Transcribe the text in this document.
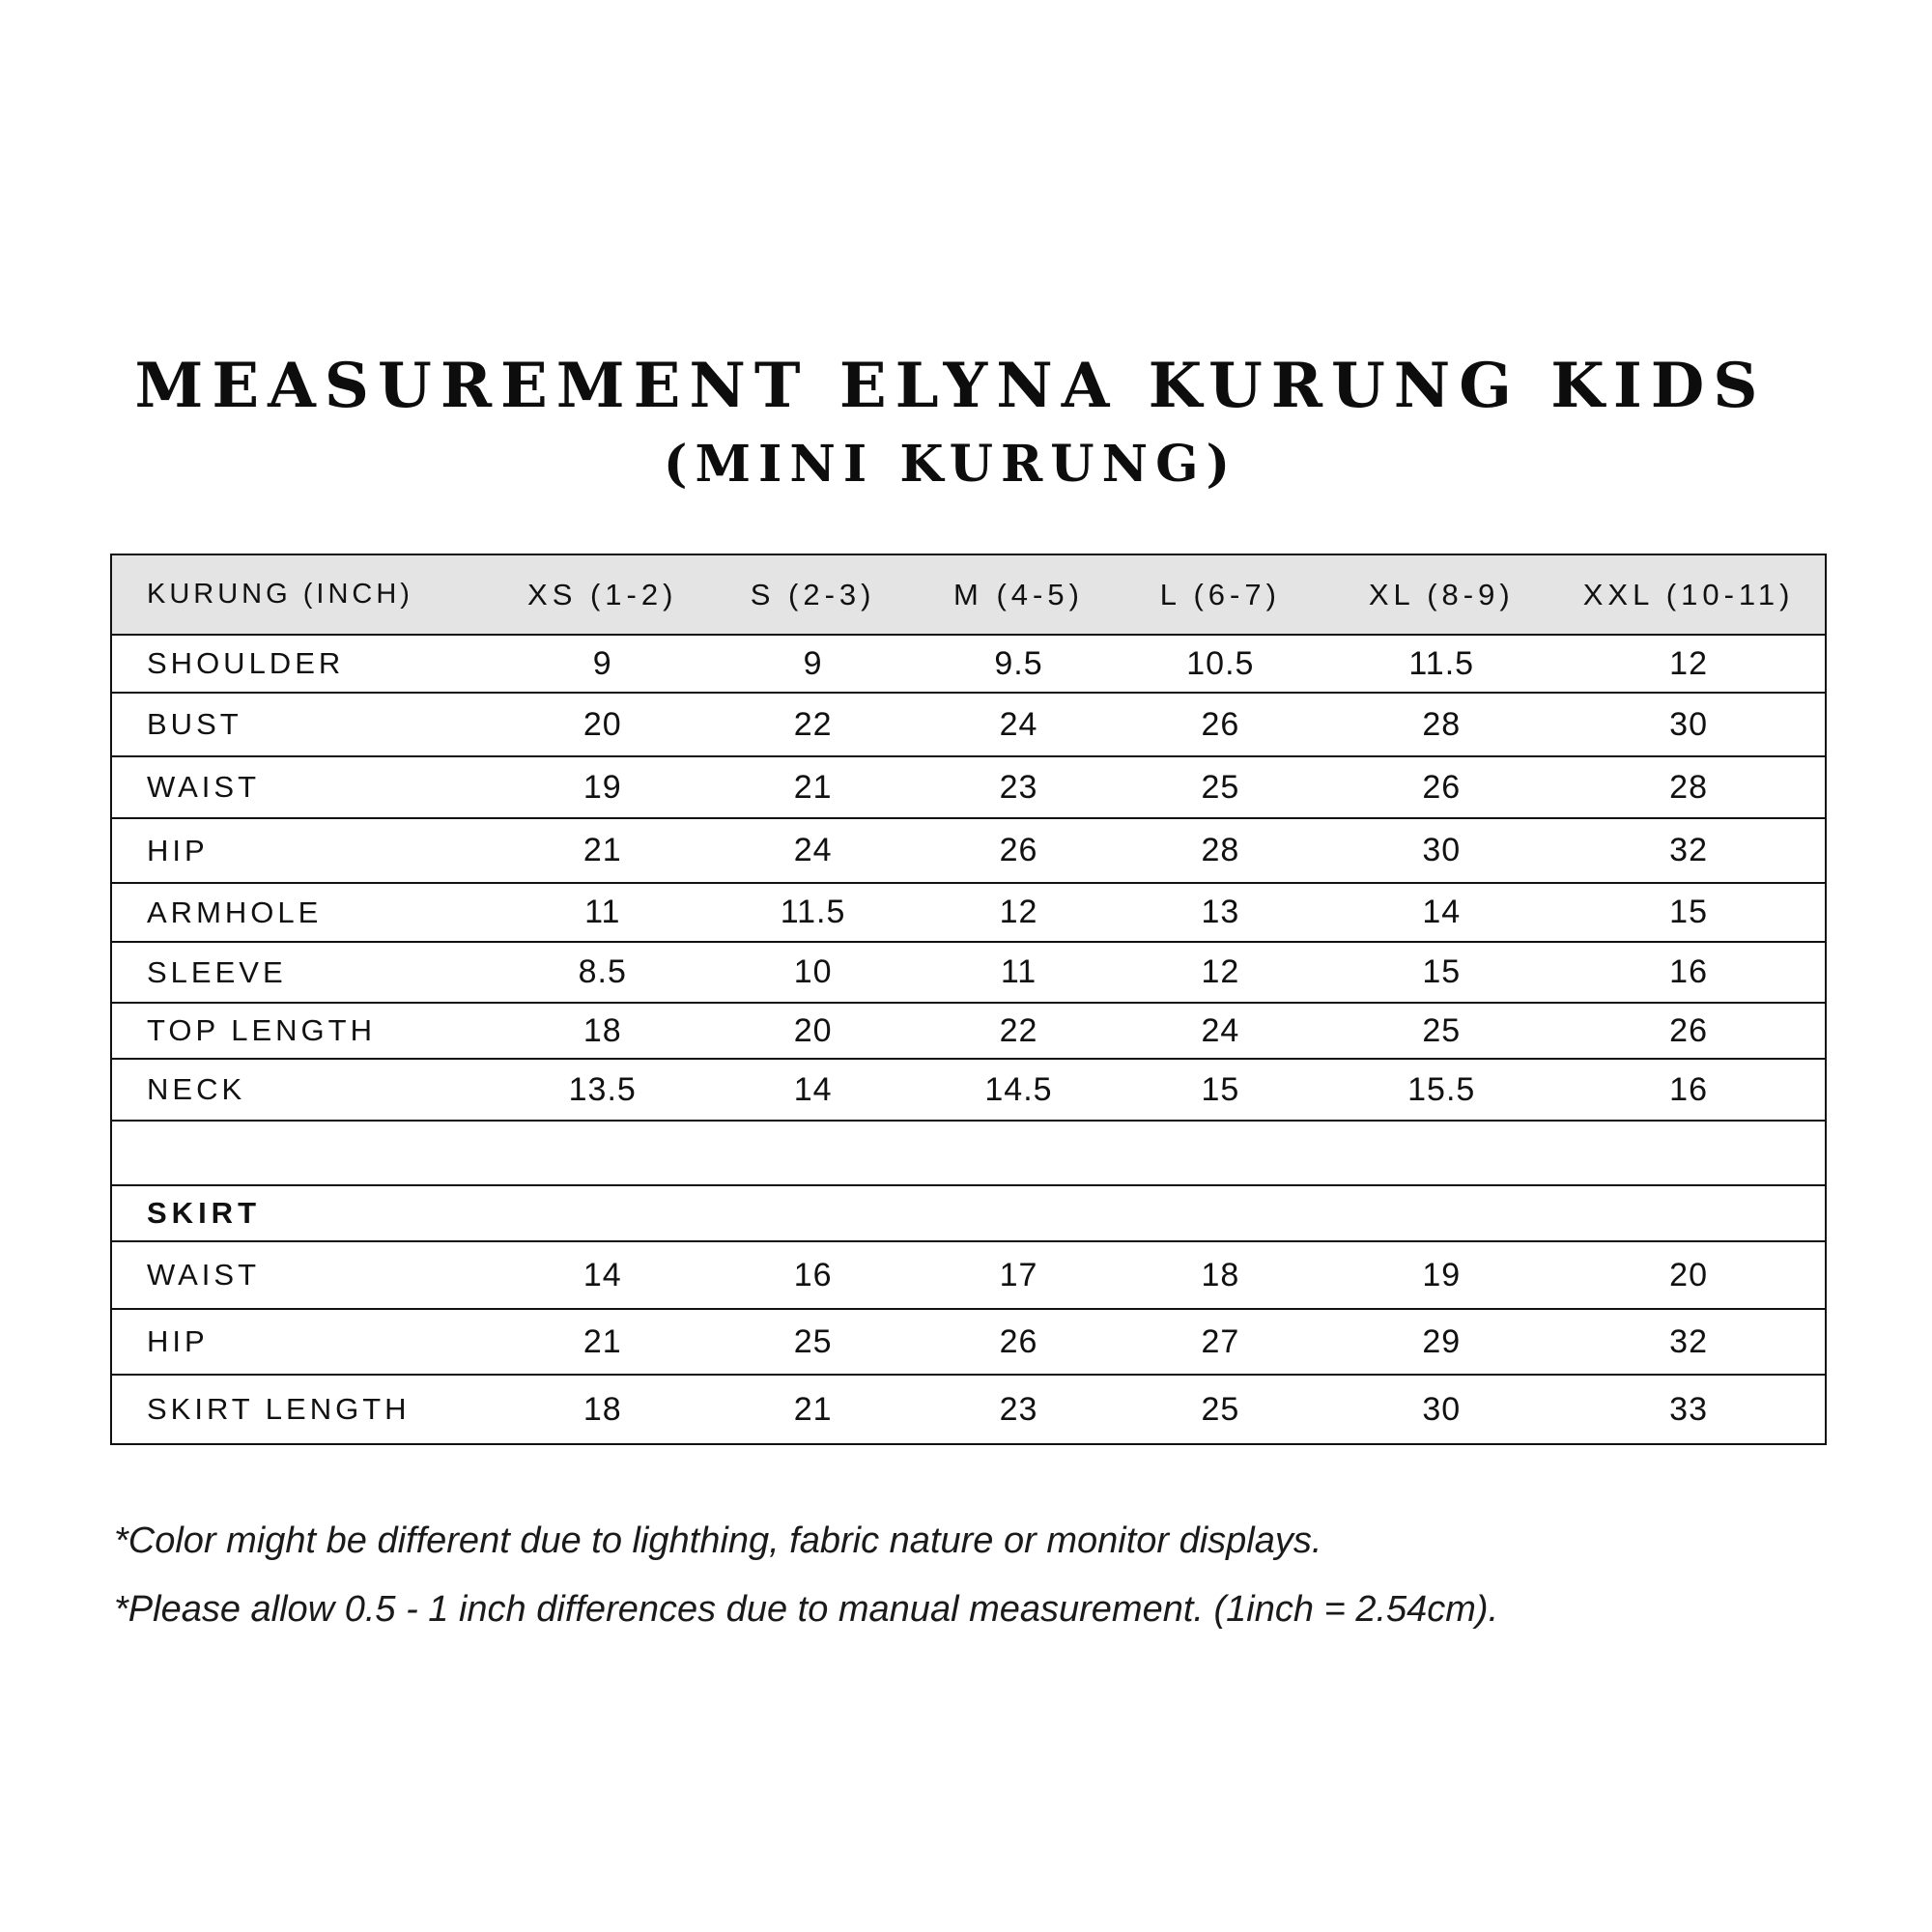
MEASUREMENT ELYNA KURUNG KIDS
(MINI KURUNG)
KURUNG (INCH)	XS (1-2)	S (2-3)	M (4-5)	L (6-7)	XL (8-9)	XXL (10-11)
SHOULDER	9	9	9.5	10.5	11.5	12
BUST	20	22	24	26	28	30
WAIST	19	21	23	25	26	28
HIP	21	24	26	28	30	32
ARMHOLE	11	11.5	12	13	14	15
SLEEVE	8.5	10	11	12	15	16
TOP LENGTH	18	20	22	24	25	26
NECK	13.5	14	14.5	15	15.5	16
SKIRT
WAIST	14	16	17	18	19	20
HIP	21	25	26	27	29	32
SKIRT LENGTH	18	21	23	25	30	33
*Color might be different due to lighthing, fabric nature or monitor displays.
*Please allow 0.5 - 1 inch differences due to manual measurement. (1inch = 2.54cm).
